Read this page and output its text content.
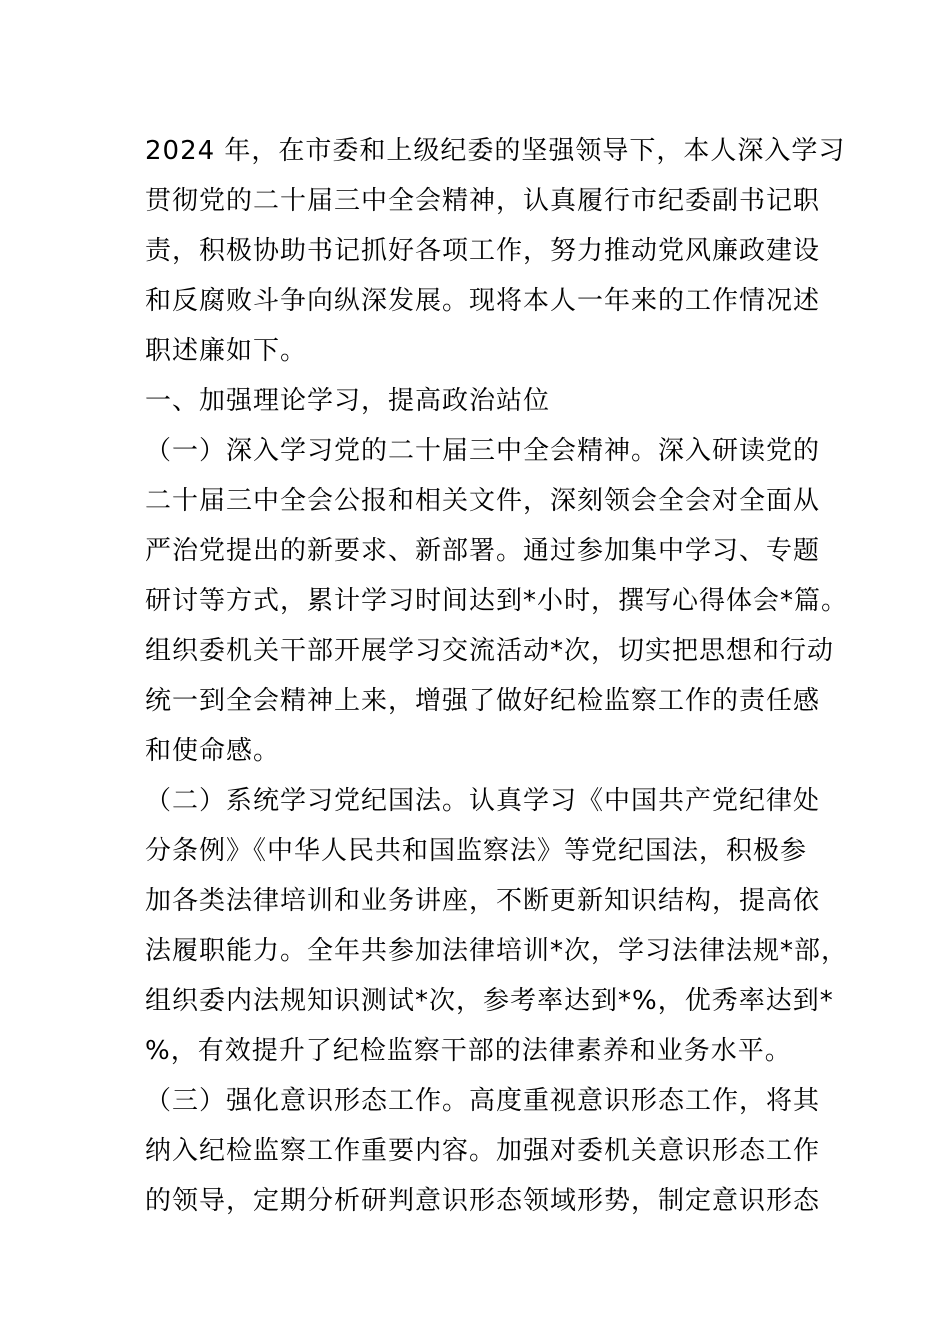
2024 年，在市委和上级纪委的坚强领导下，本人深入学习
贯彻党的二十届三中全会精神，认真履行市纪委副书记职
责，积极协助书记抓好各项工作，努力推动党风廉政建设
和反腐败斗争向纵深发展。现将本人一年来的工作情况述
职述廉如下。
一、加强理论学习，提高政治站位
（一）深入学习党的二十届三中全会精神。深入研读党的
二十届三中全会公报和相关文件，深刻领会全会对全面从
严治党提出的新要求、新部署。通过参加集中学习、专题
研讨等方式，累计学习时间达到*小时，撰写心得体会*篇。
组织委机关干部开展学习交流活动*次，切实把思想和行动
统一到全会精神上来，增强了做好纪检监察工作的责任感
和使命感。
（二）系统学习党纪国法。认真学习《中国共产党纪律处
分条例》《中华人民共和国监察法》等党纪国法，积极参
加各类法律培训和业务讲座，不断更新知识结构，提高依
法履职能力。全年共参加法律培训*次，学习法律法规*部，
组织委内法规知识测试*次，参考率达到*%，优秀率达到*
%，有效提升了纪检监察干部的法律素养和业务水平。
（三）强化意识形态工作。高度重视意识形态工作，将其
纳入纪检监察工作重要内容。加强对委机关意识形态工作
的领导，定期分析研判意识形态领域形势，制定意识形态
